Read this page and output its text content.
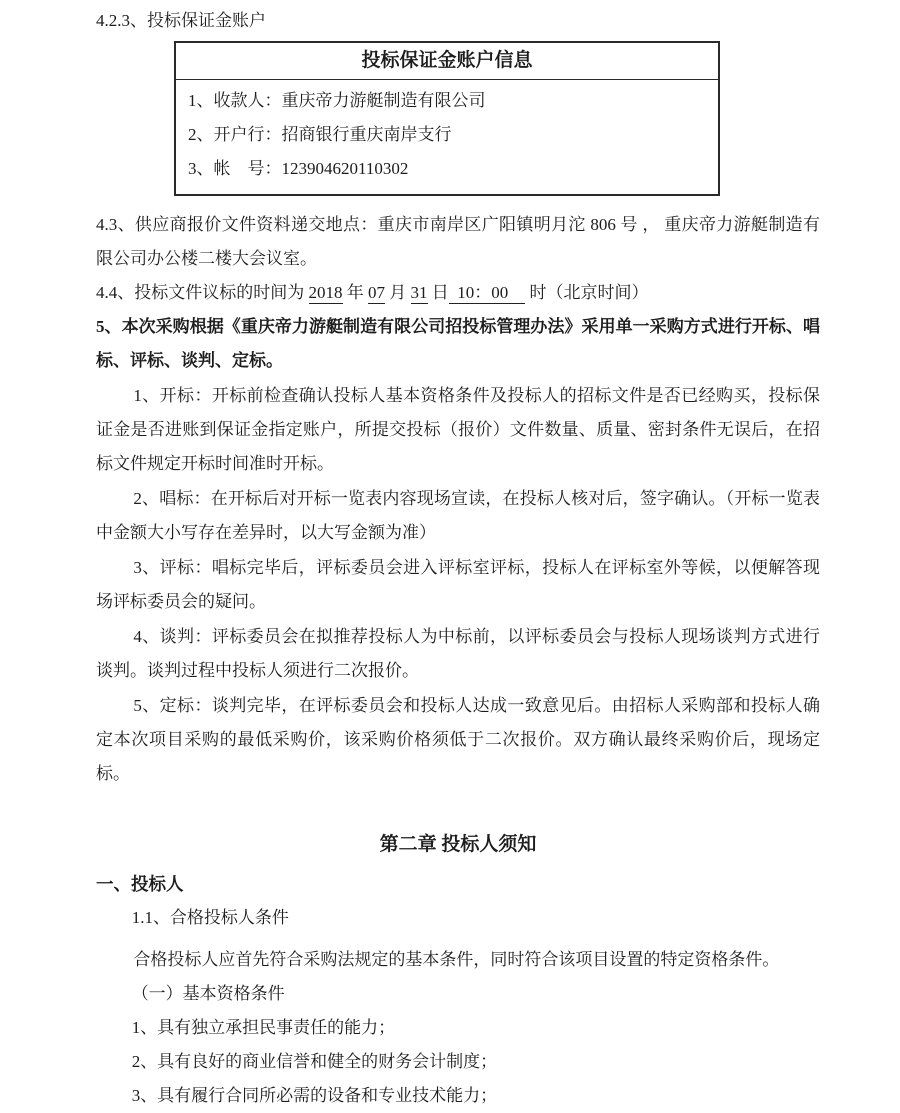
4.2.3、投标保证金账户

投标保证金账户信息
1、收款人：重庆帝力游艇制造有限公司
2、开户行：招商银行重庆南岸支行
3、帐　号：123904620110302

4.3、供应商报价文件资料递交地点：重庆市南岸区广阳镇明月沱 806 号 ， 重庆帝力游艇制造有限公司办公楼二楼大会议室。

4.4、投标文件议标的时间为 2018 年 07 月 31 日  10：00     时（北京时间）

5、本次采购根据《重庆帝力游艇制造有限公司招投标管理办法》采用单一采购方式进行开标、唱标、评标、谈判、定标。

1、开标：开标前检查确认投标人基本资格条件及投标人的招标文件是否已经购买，投标保证金是否进账到保证金指定账户，所提交投标（报价）文件数量、质量、密封条件无误后，在招标文件规定开标时间准时开标。

2、唱标：在开标后对开标一览表内容现场宣读，在投标人核对后，签字确认。（开标一览表中金额大小写存在差异时，以大写金额为准）

3、评标：唱标完毕后，评标委员会进入评标室评标，投标人在评标室外等候，以便解答现场评标委员会的疑问。

4、谈判：评标委员会在拟推荐投标人为中标前，以评标委员会与投标人现场谈判方式进行谈判。谈判过程中投标人须进行二次报价。

5、定标：谈判完毕，在评标委员会和投标人达成一致意见后。由招标人采购部和投标人确定本次项目采购的最低采购价，该采购价格须低于二次报价。双方确认最终采购价后，现场定标。

第二章 投标人须知

一、投标人

1.1、合格投标人条件

合格投标人应首先符合采购法规定的基本条件，同时符合该项目设置的特定资格条件。

（一）基本资格条件

1、具有独立承担民事责任的能力；

2、具有良好的商业信誉和健全的财务会计制度；

3、具有履行合同所必需的设备和专业技术能力；
